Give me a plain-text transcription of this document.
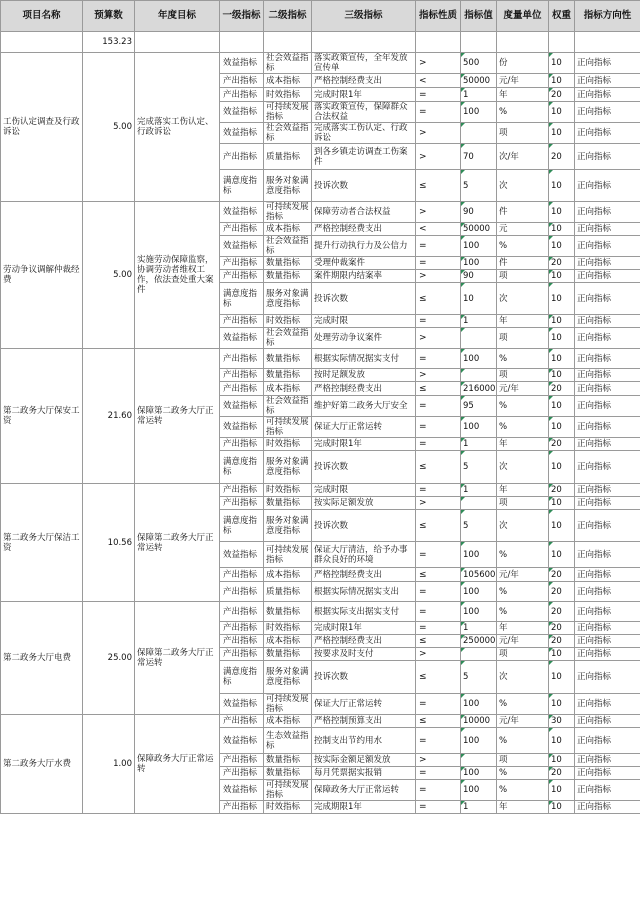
项目名称	预算数	年度目标	一级指标	二级指标	三级指标	指标性质	指标值	度量单位	权重	指标方向性
	153.23									
工伤认定调查及行政诉讼	5.00	完成落实工伤认定、行政诉讼	效益指标	社会效益指标	落实政策宣传，全年发放宣传单	>	500	份	10	正向指标
			产出指标	成本指标	严格控制经费支出	<	50000	元/年	10	正向指标
			产出指标	时效指标	完成时限1年	=	1	年	20	正向指标
			效益指标	可持续发展指标	落实政策宣传，保障群众合法权益	=	100	%	10	正向指标
			效益指标	社会效益指标	完成落实工伤认定、行政诉讼	>		项	10	正向指标
			产出指标	质量指标	到各乡镇走访调查工伤案件	>	70	次/年	20	正向指标
			满意度指标	服务对象满意度指标	投诉次数	≤	5	次	10	正向指标
劳动争议调解仲裁经费	5.00	实施劳动保障监察，协调劳动者维权工作，依法查处重大案件	效益指标	可持续发展指标	保障劳动者合法权益	>	90	件	10	正向指标
			产出指标	成本指标	严格控制经费支出	<	50000	元	10	正向指标
			效益指标	社会效益指标	提升行动执行力及公信力	=	100	%	10	正向指标
			产出指标	数量指标	受理仲裁案件	=	100	件	20	正向指标
			产出指标	数量指标	案件期限内结案率	>	90	项	10	正向指标
			满意度指标	服务对象满意度指标	投诉次数	≤	10	次	10	正向指标
			产出指标	时效指标	完成时限	=	1	年	10	正向指标
			效益指标	社会效益指标	处理劳动争议案件	>		项	10	正向指标
第二政务大厅保安工资	21.60	保障第二政务大厅正常运转	产出指标	数量指标	根据实际情况据实支付	=	100	%	10	正向指标
			产出指标	数量指标	按时足额发放	>		项	10	正向指标
			产出指标	成本指标	严格控制经费支出	≤	216000	元/年	20	正向指标
			效益指标	社会效益指标	维护好第二政务大厅安全	=	95	%	10	正向指标
			效益指标	可持续发展指标	保证大厅正常运转	=	100	%	10	正向指标
			产出指标	时效指标	完成时限1年	=	1	年	20	正向指标
			满意度指标	服务对象满意度指标	投诉次数	≤	5	次	10	正向指标
第二政务大厅保洁工资	10.56	保障第二政务大厅正常运转	产出指标	时效指标	完成时限	=	1	年	20	正向指标
			产出指标	数量指标	按实际足额发放	>		项	10	正向指标
			满意度指标	服务对象满意度指标	投诉次数	≤	5	次	10	正向指标
			效益指标	可持续发展指标	保证大厅清洁，给予办事群众良好的环境	=	100	%	10	正向指标
			产出指标	成本指标	严格控制经费支出	≤	105600	元/年	20	正向指标
			产出指标	质量指标	根据实际情况据实支出	=	100	%	20	正向指标
第二政务大厅电费	25.00	保障第二政务大厅正常运转	产出指标	数量指标	根据实际支出据实支付	=	100	%	20	正向指标
			产出指标	时效指标	完成时限1年	=	1	年	20	正向指标
			产出指标	成本指标	严格控制经费支出	≤	250000	元/年	20	正向指标
			产出指标	数量指标	按要求及时支付	>		项	10	正向指标
			满意度指标	服务对象满意度指标	投诉次数	≤	5	次	10	正向指标
			效益指标	可持续发展指标	保证大厅正常运转	=	100	%	10	正向指标
第二政务大厅水费	1.00	保障政务大厅正常运转	产出指标	成本指标	严格控制预算支出	≤	10000	元/年	30	正向指标
			效益指标	生态效益指标	控制支出节约用水	=	100	%	10	正向指标
			产出指标	数量指标	按实际金额足额发放	>		项	10	正向指标
			产出指标	数量指标	每月凭票据实报销	=	100	%	20	正向指标
			效益指标	可持续发展指标	保障政务大厅正常运转	=	100	%	10	正向指标
			产出指标	时效指标	完成期限1年	=	1	年	10	正向指标
